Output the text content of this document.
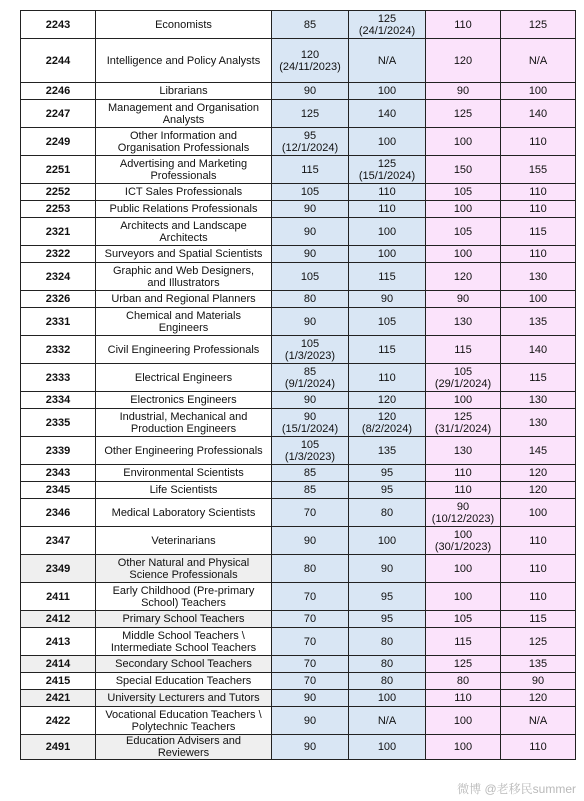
2243	Economists	85	125
(24/1/2024)	110	125

2244	Intelligence and Policy Analysts	120
(24/11/2023)	N/A	120	N/A

2246	Librarians	90	100	90	100

2247	Management and Organisation
Analysts	125	140	125	140

2249	Other Information and
Organisation Professionals	95
(12/1/2024)	100	100	110

2251	Advertising and Marketing
Professionals	115	125
(15/1/2024)	150	155

2252	ICT Sales Professionals	105	110	105	110

2253	Public Relations Professionals	90	110	100	110

2321	Architects and Landscape
Architects	90	100	105	115

2322	Surveyors and Spatial Scientists	90	100	100	110

2324	Graphic and Web Designers,
and Illustrators	105	115	120	130

2326	Urban and Regional Planners	80	90	90	100

2331	Chemical and Materials
Engineers	90	105	130	135

2332	Civil Engineering Professionals	105
(1/3/2023)	115	115	140

2333	Electrical Engineers	85
(9/1/2024)	110	105
(29/1/2024)	115

2334	Electronics Engineers	90	120	100	130

2335	Industrial, Mechanical and
Production Engineers	90
(15/1/2024)	120
(8/2/2024)	125
(31/1/2024)	130

2339	Other Engineering Professionals	105
(1/3/2023)	135	130	145

2343	Environmental Scientists	85	95	110	120

2345	Life Scientists	85	95	110	120

2346	Medical Laboratory Scientists	70	80	90
(10/12/2023)	100

2347	Veterinarians	90	100	100
(30/1/2023)	110

2349	Other Natural and Physical
Science Professionals	80	90	100	110

2411	Early Childhood (Pre-primary
School) Teachers	70	95	100	110

2412	Primary School Teachers	70	95	105	115

2413	Middle School Teachers \
Intermediate School Teachers	70	80	115	125

2414	Secondary School Teachers	70	80	125	135

2415	Special Education Teachers	70	80	80	90

2421	University Lecturers and Tutors	90	100	110	120

2422	Vocational Education Teachers \
Polytechnic Teachers	90	N/A	100	N/A

2491	Education Advisers and
Reviewers	90	100	100	110
微博 @老移民summer
